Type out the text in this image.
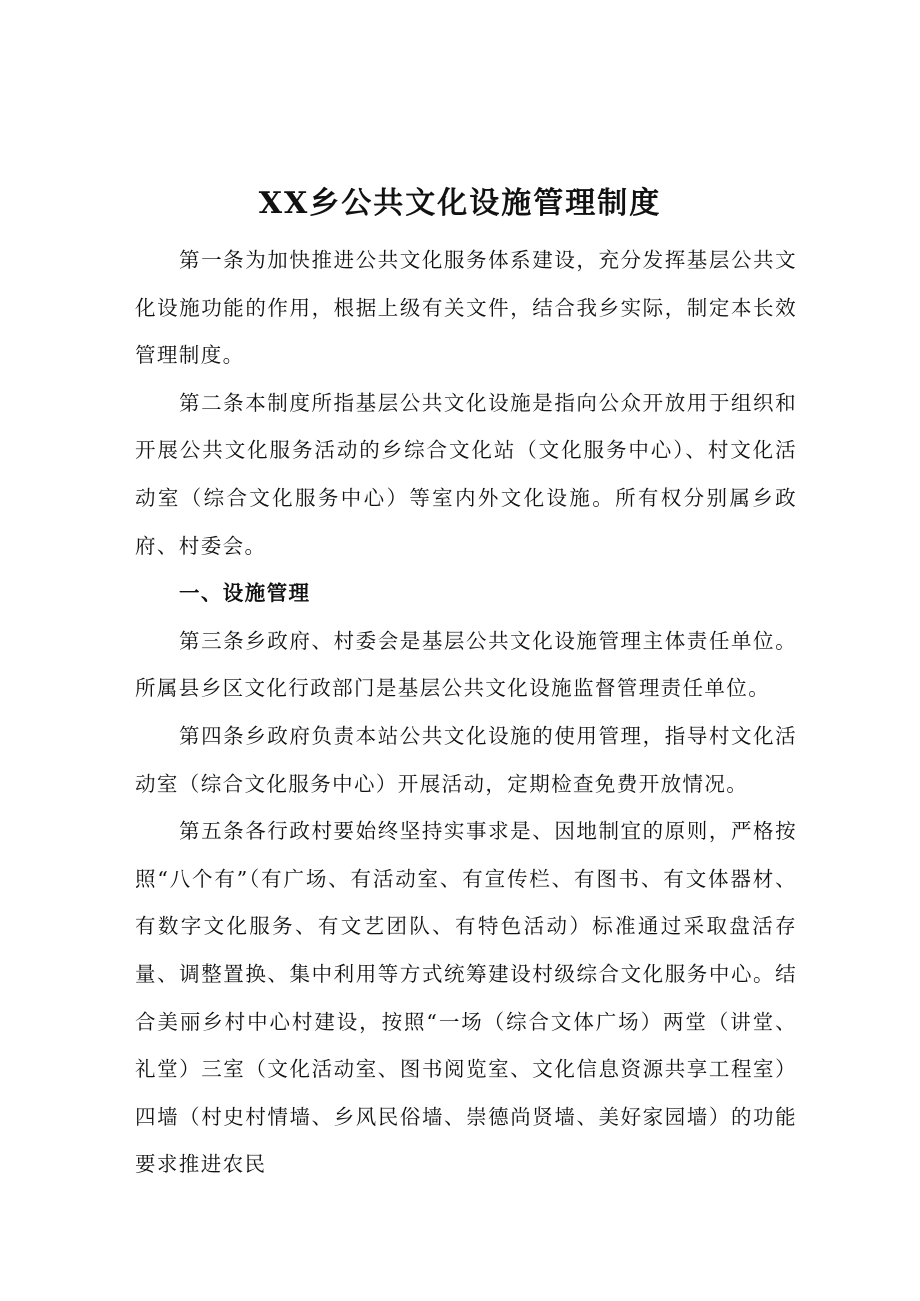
XX乡公共文化设施管理制度

第一条为加快推进公共文化服务体系建设，充分发挥基层公共文化设施功能的作用，根据上级有关文件，结合我乡实际，制定本长效管理制度。

第二条本制度所指基层公共文化设施是指向公众开放用于组织和开展公共文化服务活动的乡综合文化站（文化服务中心）、村文化活动室（综合文化服务中心）等室内外文化设施。所有权分别属乡政府、村委会。

一、设施管理

第三条乡政府、村委会是基层公共文化设施管理主体责任单位。所属县乡区文化行政部门是基层公共文化设施监督管理责任单位。

第四条乡政府负责本站公共文化设施的使用管理，指导村文化活动室（综合文化服务中心）开展活动，定期检查免费开放情况。

第五条各行政村要始终坚持实事求是、因地制宜的原则，严格按照“八个有”（有广场、有活动室、有宣传栏、有图书、有文体器材、有数字文化服务、有文艺团队、有特色活动）标准通过采取盘活存量、调整置换、集中利用等方式统筹建设村级综合文化服务中心。结合美丽乡村中心村建设，按照“一场（综合文体广场）两堂（讲堂、礼堂）三室（文化活动室、图书阅览室、文化信息资源共享工程室）四墙（村史村情墙、乡风民俗墙、崇德尚贤墙、美好家园墙）的功能要求推进农民
